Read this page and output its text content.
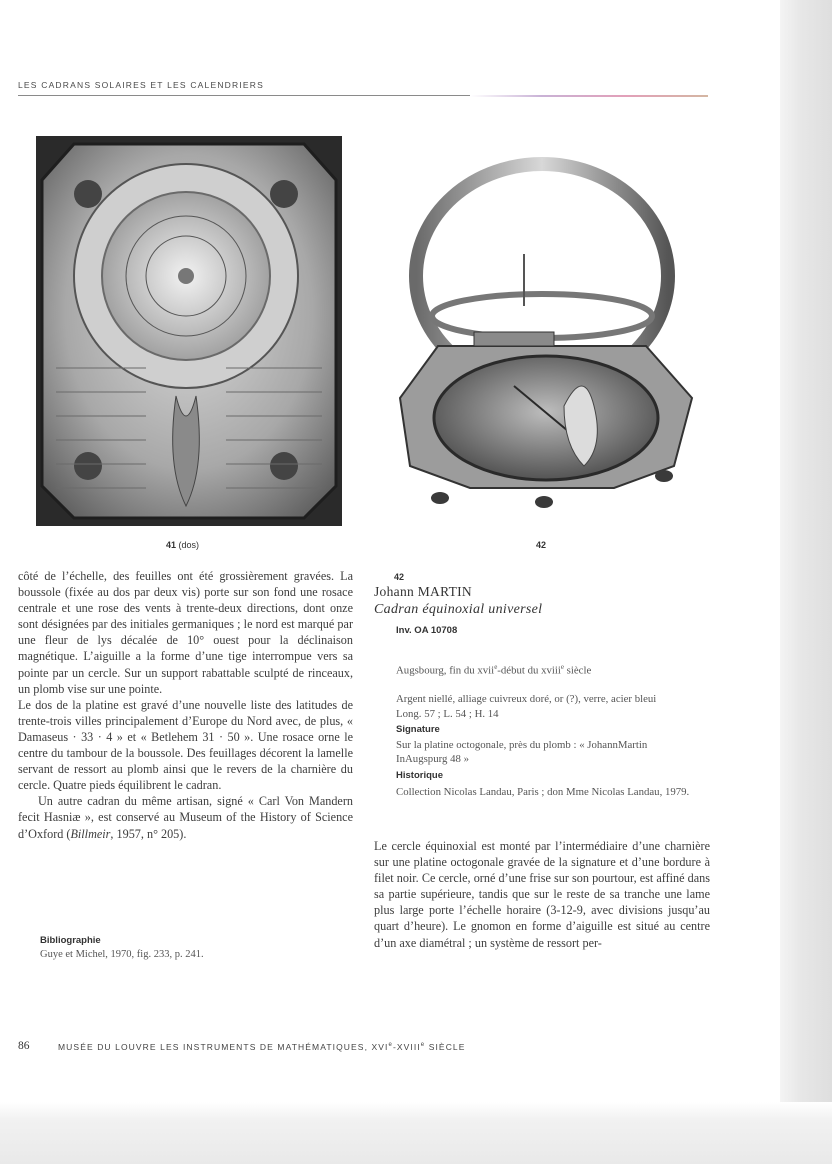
LES CADRANS SOLAIRES ET LES CALENDRIERS
41 (dos)	42

côté de l’échelle, des feuilles ont été grossièrement gravées. La boussole (fixée au dos par deux vis) porte sur son fond une rosace centrale et une rose des vents à trente-deux directions, dont onze sont désignées par des initiales germaniques ; le nord est marqué par une fleur de lys décalée de 10° ouest pour la déclinaison magnétique. L’aiguille a la forme d’une tige interrompue vers sa pointe par un cercle. Sur un support rabattable sculpté de rinceaux, un plomb vise sur une pointe.

Le dos de la platine est gravé d’une nouvelle liste des latitudes de trente-trois villes principalement d’Europe du Nord avec, de plus, « Damaseus · 33 · 4 » et « Betlehem 31 · 50 ». Une rosace orne le centre du tambour de la boussole. Des feuillages décorent la lamelle servant de ressort au plomb ainsi que le revers de la charnière du cercle. Quatre pieds équilibrent le cadran.

Un autre cadran du même artisan, signé « Carl Von Mandern fecit Hasniæ », est conservé au Museum of the History of Science d’Oxford (Billmeir, 1957, n° 205).

Bibliographie
Guye et Michel, 1970, fig. 233, p. 241.
42
Johann MARTIN
Cadran équinoxial universel
Inv. OA 10708
Augsbourg, fin du xvii$^e$-début du xviii$^e$ siècle
Argent niellé, alliage cuivreux doré, or (?), verre, acier bleui
Long. 57 ; L. 54 ; H. 14
Signature
Sur la platine octogonale, près du plomb : « JohannMartin InAugspurg 48 »
Historique
Collection Nicolas Landau, Paris ; don Mme Nicolas Landau, 1979.

Le cercle équinoxial est monté par l’intermédiaire d’une charnière sur une platine octogonale gravée de la signature et d’une bordure à filet noir. Ce cercle, orné d’une frise sur son pourtour, est affiné dans sa partie supérieure, tandis que sur le reste de sa tranche une lame plus large porte l’échelle horaire (3-12-9, avec divisions jusqu’au quart d’heure). Le gnomon en forme d’aiguille est situé au centre d’un axe diamétral ; un système de ressort per-

86	MUSÉE DU LOUVRE LES INSTRUMENTS DE MATHÉMATIQUES, XVIe-XVIIIe SIÈCLE
